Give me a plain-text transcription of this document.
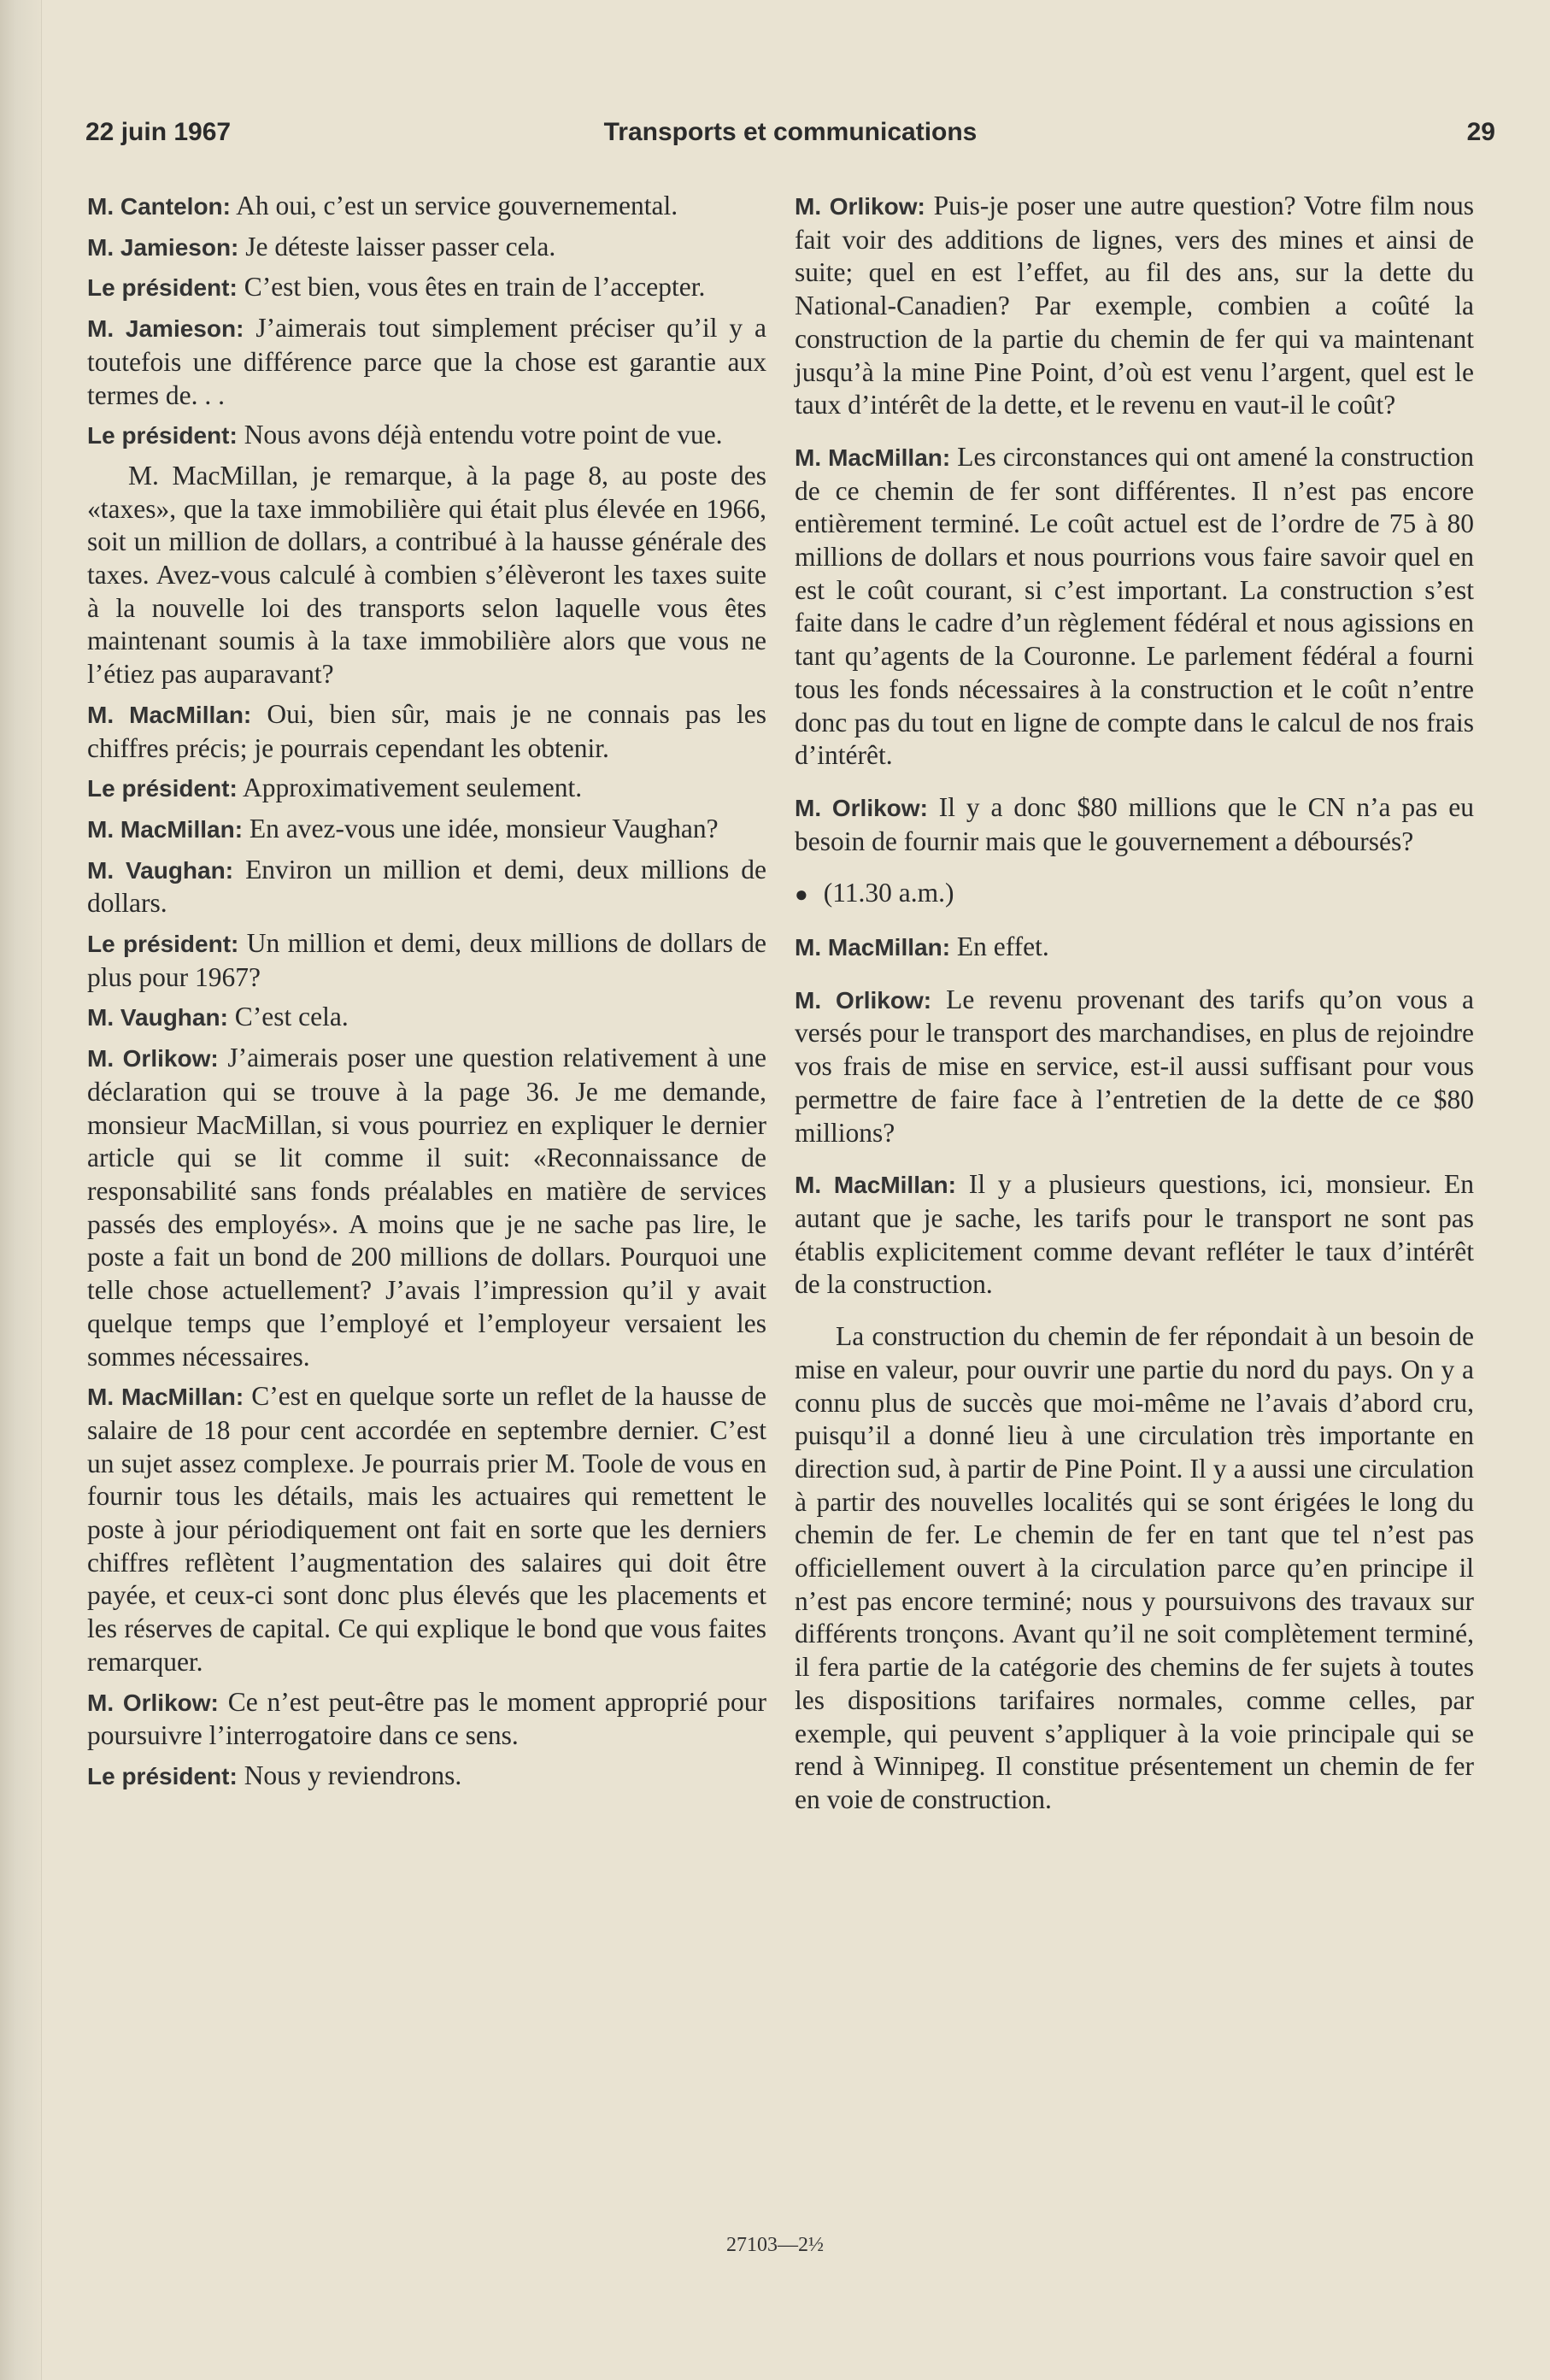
22 juin 1967	Transports et communications	29

M. Cantelon: Ah oui, c’est un service gouvernemental.

M. Jamieson: Je déteste laisser passer cela.

Le président: C’est bien, vous êtes en train de l’accepter.

M. Jamieson: J’aimerais tout simplement préciser qu’il y a toutefois une différence parce que la chose est garantie aux termes de. . .

Le président: Nous avons déjà entendu votre point de vue.

M. MacMillan, je remarque, à la page 8, au poste des «taxes», que la taxe immobilière qui était plus élevée en 1966, soit un million de dollars, a contribué à la hausse générale des taxes. Avez-vous calculé à combien s’élèveront les taxes suite à la nouvelle loi des transports selon laquelle vous êtes maintenant soumis à la taxe immobilière alors que vous ne l’étiez pas auparavant?

M. MacMillan: Oui, bien sûr, mais je ne connais pas les chiffres précis; je pourrais cependant les obtenir.

Le président: Approximativement seulement.

M. MacMillan: En avez-vous une idée, monsieur Vaughan?

M. Vaughan: Environ un million et demi, deux millions de dollars.

Le président: Un million et demi, deux millions de dollars de plus pour 1967?

M. Vaughan: C’est cela.

M. Orlikow: J’aimerais poser une question relativement à une déclaration qui se trouve à la page 36. Je me demande, monsieur MacMillan, si vous pourriez en expliquer le dernier article qui se lit comme il suit: «Reconnaissance de responsabilité sans fonds préalables en matière de services passés des employés». A moins que je ne sache pas lire, le poste a fait un bond de 200 millions de dollars. Pourquoi une telle chose actuellement? J’avais l’impression qu’il y avait quelque temps que l’employé et l’employeur versaient les sommes nécessaires.

M. MacMillan: C’est en quelque sorte un reflet de la hausse de salaire de 18 pour cent accordée en septembre dernier. C’est un sujet assez complexe. Je pourrais prier M. Toole de vous en fournir tous les détails, mais les actuaires qui remettent le poste à jour périodiquement ont fait en sorte que les derniers chiffres reflètent l’augmentation des salaires qui doit être payée, et ceux-ci sont donc plus élevés que les placements et les réserves de capital. Ce qui explique le bond que vous faites remarquer.

M. Orlikow: Ce n’est peut-être pas le moment approprié pour poursuivre l’interrogatoire dans ce sens.

Le président: Nous y reviendrons.

M. Orlikow: Puis-je poser une autre question? Votre film nous fait voir des additions de lignes, vers des mines et ainsi de suite; quel en est l’effet, au fil des ans, sur la dette du National-Canadien? Par exemple, combien a coûté la construction de la partie du chemin de fer qui va maintenant jusqu’à la mine Pine Point, d’où est venu l’argent, quel est le taux d’intérêt de la dette, et le revenu en vaut-il le coût?

M. MacMillan: Les circonstances qui ont amené la construction de ce chemin de fer sont différentes. Il n’est pas encore entièrement terminé. Le coût actuel est de l’ordre de 75 à 80 millions de dollars et nous pourrions vous faire savoir quel en est le coût courant, si c’est important. La construction s’est faite dans le cadre d’un règlement fédéral et nous agissions en tant qu’agents de la Couronne. Le parlement fédéral a fourni tous les fonds nécessaires à la construction et le coût n’entre donc pas du tout en ligne de compte dans le calcul de nos frais d’intérêt.

M. Orlikow: Il y a donc $80 millions que le CN n’a pas eu besoin de fournir mais que le gouvernement a déboursés?

● (11.30 a.m.)

M. MacMillan: En effet.

M. Orlikow: Le revenu provenant des tarifs qu’on vous a versés pour le transport des marchandises, en plus de rejoindre vos frais de mise en service, est-il aussi suffisant pour vous permettre de faire face à l’entretien de la dette de ce $80 millions?

M. MacMillan: Il y a plusieurs questions, ici, monsieur. En autant que je sache, les tarifs pour le transport ne sont pas établis explicitement comme devant refléter le taux d’intérêt de la construction.

La construction du chemin de fer répondait à un besoin de mise en valeur, pour ouvrir une partie du nord du pays. On y a connu plus de succès que moi-même ne l’avais d’abord cru, puisqu’il a donné lieu à une circulation très importante en direction sud, à partir de Pine Point. Il y a aussi une circulation à partir des nouvelles localités qui se sont érigées le long du chemin de fer. Le chemin de fer en tant que tel n’est pas officiellement ouvert à la circulation parce qu’en principe il n’est pas encore terminé; nous y poursuivons des travaux sur différents tronçons. Avant qu’il ne soit complètement terminé, il fera partie de la catégorie des chemins de fer sujets à toutes les dispositions tarifaires normales, comme celles, par exemple, qui peuvent s’appliquer à la voie principale qui se rend à Winnipeg. Il constitue présentement un chemin de fer en voie de construction.

27103—2½
